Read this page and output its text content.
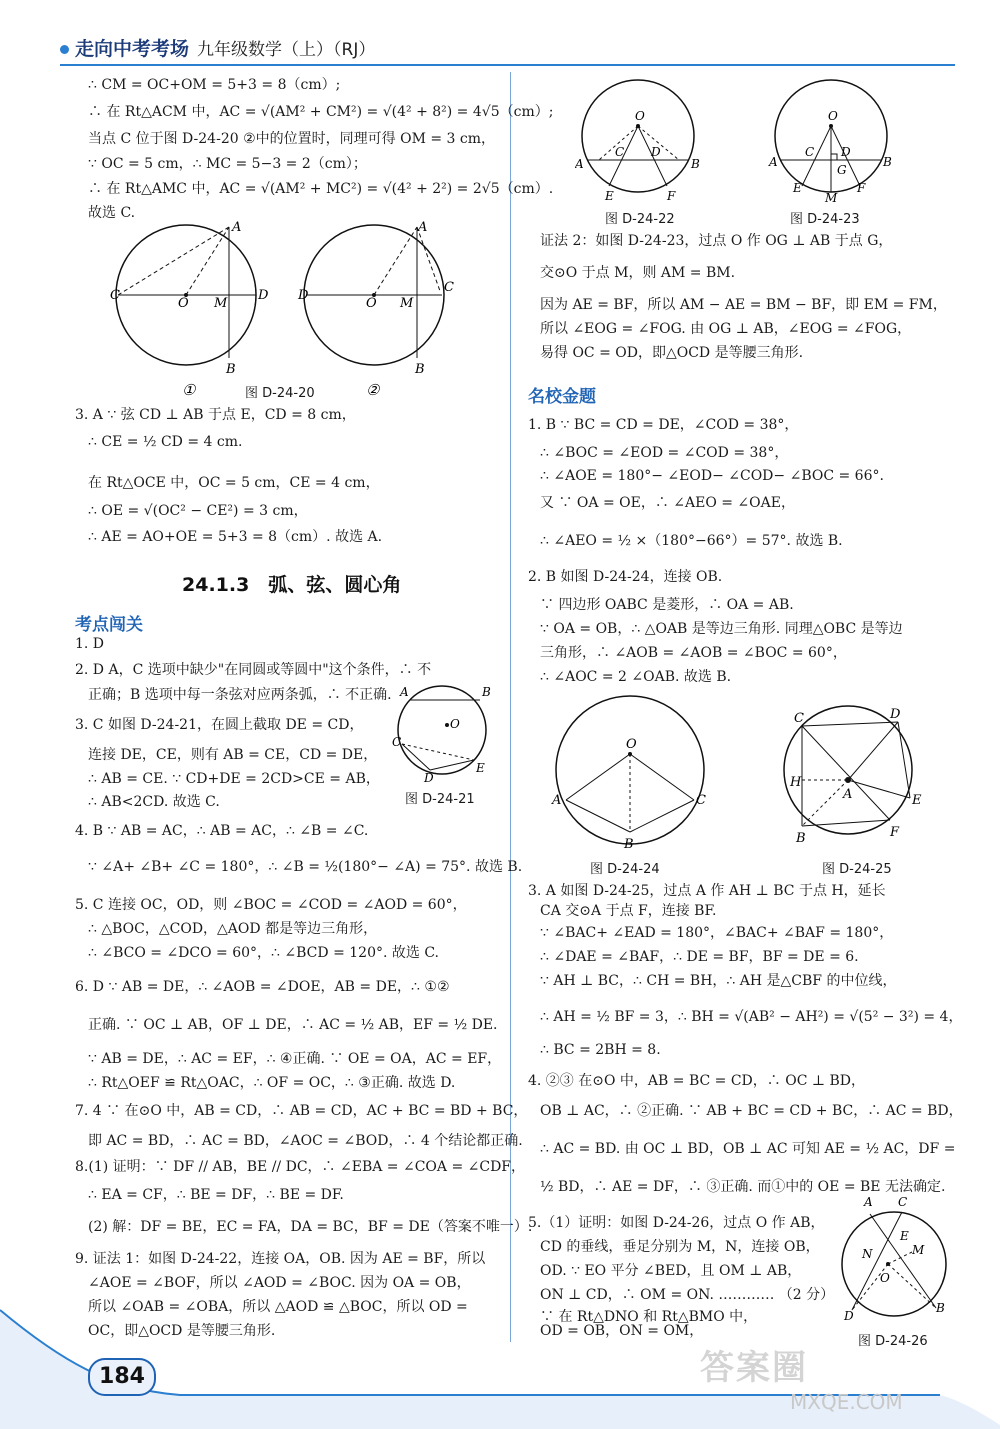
走向中考考场 九年级数学（上）（RJ）
∴ CM = OC+OM = 5+3 = 8（cm）;
∴ 在 Rt△ACM 中，AC = √(AM² + CM²) = √(4² + 8²) = 4√5（cm）;
当点 C 位于图 D-24-20 ②中的位置时，同理可得 OM = 3 cm，
∵ OC = 5 cm，∴ MC = 5−3 = 2（cm）；
∴ 在 Rt△AMC 中，AC = √(AM² + MC²) = √(4² + 2²) = 2√5（cm）.
故选 C.
A
C
O M
D
B
A
D
O M
C
B
①	②
图 D-24-20
3. A ∵ 弦 CD ⊥ AB 于点 E，CD = 8 cm，
∴ CE = ½ CD = 4 cm.
在 Rt△OCE 中，OC = 5 cm，CE = 4 cm，
∴ OE = √(OC² − CE²) = 3 cm，
∴ AE = AO+OE = 5+3 = 8（cm）. 故选 A.
24.1.3　弧、弦、圆心角
考点闯关
1. D
2. D A，C 选项中缺少"在同圆或等圆中"这个条件，∴ 不
正确；B 选项中每一条弦对应两条弧，∴ 不正确.
3. C 如图 D-24-21，在圆上截取 DE = CD，
连接 DE，CE，则有 AB = CE，CD = DE，
∴ AB = CE. ∵ CD+DE = 2CD>CE = AB，
∴ AB<2CD. 故选 C.
A	B
O
C
D
E
图 D-24-21
4. B ∵ AB = AC，∴ AB = AC，∴ ∠B = ∠C.
∵ ∠A+ ∠B+ ∠C = 180°，∴ ∠B = ½(180°− ∠A) = 75°. 故选 B.
5. C 连接 OC，OD，则 ∠BOC = ∠COD = ∠AOD = 60°，
∴ △BOC，△COD，△AOD 都是等边三角形，
∴ ∠BCO = ∠DCO = 60°，∴ ∠BCD = 120°. 故选 C.
6. D ∵ AB = DE，∴ ∠AOB = ∠DOE，AB = DE，∴ ①②
正确. ∵ OC ⊥ AB，OF ⊥ DE，∴ AC = ½ AB，EF = ½ DE.
∵ AB = DE，∴ AC = EF，∴ ④正确. ∵ OE = OA，AC = EF，
∴ Rt△OEF ≌ Rt△OAC，∴ OF = OC，∴ ③正确. 故选 D.
7. 4 ∵ 在⊙O 中，AB = CD，∴ AB = CD，AC + BC = BD + BC，
即 AC = BD，∴ AC = BD，∠AOC = ∠BOD，∴ 4 个结论都正确.
8.(1) 证明：∵ DF // AB，BE // DC，∴ ∠EBA = ∠COA = ∠CDF，
∴ EA = CF，∴ BE = DF，∴ BE = DF.
(2) 解：DF = BE，EC = FA，DA = BC，BF = DE（答案不唯一）.
9. 证法 1：如图 D-24-22，连接 OA，OB. 因为 AE = BF，所以
∠AOE = ∠BOF，所以 ∠AOD = ∠BOC. 因为 OA = OB，
所以 ∠OAB = ∠OBA，所以 △AOD ≌ △BOC，所以 OD =
OC，即△OCD 是等腰三角形.
O
A	B
C D
E	F
O
A	B
C D
G
E
M
F
图 D-24-22	图 D-24-23
证法 2：如图 D-24-23，过点 O 作 OG ⊥ AB 于点 G，
交⊙O 于点 M，则 AM = BM.
因为 AE = BF，所以 AM − AE = BM − BF，即 EM = FM，
所以 ∠EOG = ∠FOG. 由 OG ⊥ AB，∠EOG = ∠FOG，
易得 OC = OD，即△OCD 是等腰三角形.
名校金题
1. B ∵ BC = CD = DE，∠COD = 38°，
∴ ∠BOC = ∠EOD = ∠COD = 38°，
∴ ∠AOE = 180°− ∠EOD− ∠COD− ∠BOC = 66°.
又 ∵ OA = OE，∴ ∠AEO = ∠OAE，
∴ ∠AEO = ½ ×（180°−66°）= 57°. 故选 B.
2. B 如图 D-24-24，连接 OB.
∵ 四边形 OABC 是菱形，∴ OA = AB.
∵ OA = OB，∴ △OAB 是等边三角形. 同理△OBC 是等边
三角形，∴ ∠AOB = ∠AOB = ∠BOC = 60°，
∴ ∠AOC = 2 ∠OAB. 故选 B.
O
A	C
B
C	D
H
A	E
B	F
图 D-24-24	图 D-24-25
3. A 如图 D-24-25，过点 A 作 AH ⊥ BC 于点 H，延长
CA 交⊙A 于点 F，连接 BF.
∵ ∠BAC+ ∠EAD = 180°，∠BAC+ ∠BAF = 180°，
∴ ∠DAE = ∠BAF，∴ DE = BF，BF = DE = 6.
∵ AH ⊥ BC，∴ CH = BH，∴ AH 是△CBF 的中位线，
∴ AH = ½ BF = 3，∴ BH = √(AB² − AH²) = √(5² − 3²) = 4，
∴ BC = 2BH = 8.
4. ②③ 在⊙O 中，AB = BC = CD，∴ OC ⊥ BD，
OB ⊥ AC，∴ ②正确. ∵ AB + BC = CD + BC，∴ AC = BD，
∴ AC = BD. 由 OC ⊥ BD，OB ⊥ AC 可知 AE = ½ AC，DF =
½ BD，∴ AE = DF，∴ ③正确. 而①中的 OE = BE 无法确定.
5.（1）证明：如图 D-24-26，过点 O 作 AB，
CD 的垂线，垂足分别为 M，N，连接 OB，
OD. ∵ EO 平分 ∠BED，且 OM ⊥ AB，
ON ⊥ CD，∴ OM = ON. ………… （2 分）
∵ 在 Rt△DNO 和 Rt△BMO 中，
OD = OB，ON = OM，
A C
E
N	M
O
D
B
图 D-24-26
184	答案圈
MXQE.COM
